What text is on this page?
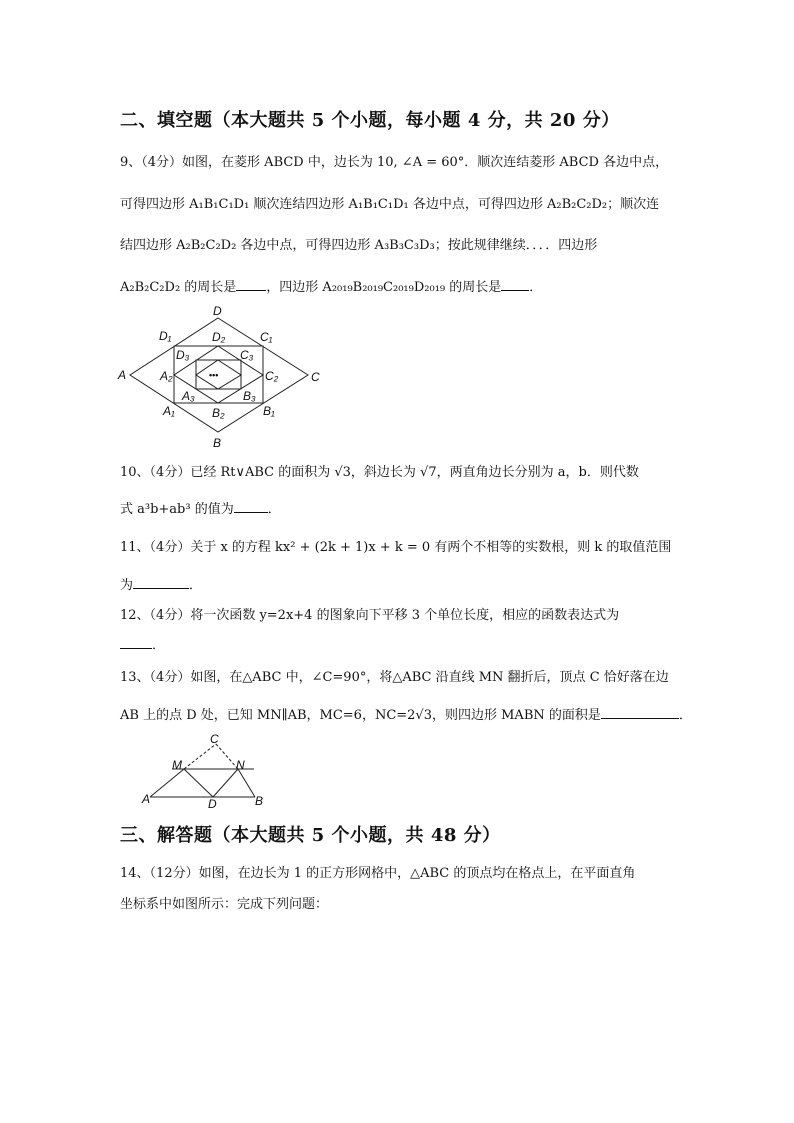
二、填空题（本大题共 5 个小题，每小题 4 分，共 20 分）
9、（4分）如图，在菱形 ABCD 中，边长为 10, ∠A = 60°．顺次连结菱形 ABCD 各边中点，
可得四边形 A₁B₁C₁D₁ 顺次连结四边形 A₁B₁C₁D₁ 各边中点，可得四边形 A₂B₂C₂D₂；顺次连
结四边形 A₂B₂C₂D₂ 各边中点，可得四边形 A₃B₃C₃D₃；按此规律继续．．．．四边形
A₂B₂C₂D₂ 的周长是 ，四边形 A₂₀₁₉B₂₀₁₉C₂₀₁₉D₂₀₁₉ 的周长是 ．
D
A	C
B
D₁	C₁
A₁	B₁
D₂
A₂	C₂
B₂
D₃	C₃
A₃	B₃
•••
10、（4分）已经 Rt∨ABC 的面积为 √3，斜边长为 √7，两直角边长分别为 a，b．则代数
式 a³b+ab³ 的值为	．
11、（4分）关于 x 的方程 kx² + (2k + 1)x + k = 0 有两个不相等的实数根，则 k 的取值范围
为	．
12、（4分）将一次函数 y=2x+4 的图象向下平移 3 个单位长度，相应的函数表达式为
．
13、（4分）如图，在△ABC 中，∠C=90°，将△ABC 沿直线 MN 翻折后，顶点 C 恰好落在边
AB 上的点 D 处，已知 MN∥AB，MC=6，NC=2√3，则四边形 MABN 的面积是	．
C
M	N
A	D	B
三、解答题（本大题共 5 个小题，共 48 分）
14、（12分）如图，在边长为 1 的正方形网格中，△ABC 的顶点均在格点上，在平面直角
坐标系中如图所示：完成下列问题：
